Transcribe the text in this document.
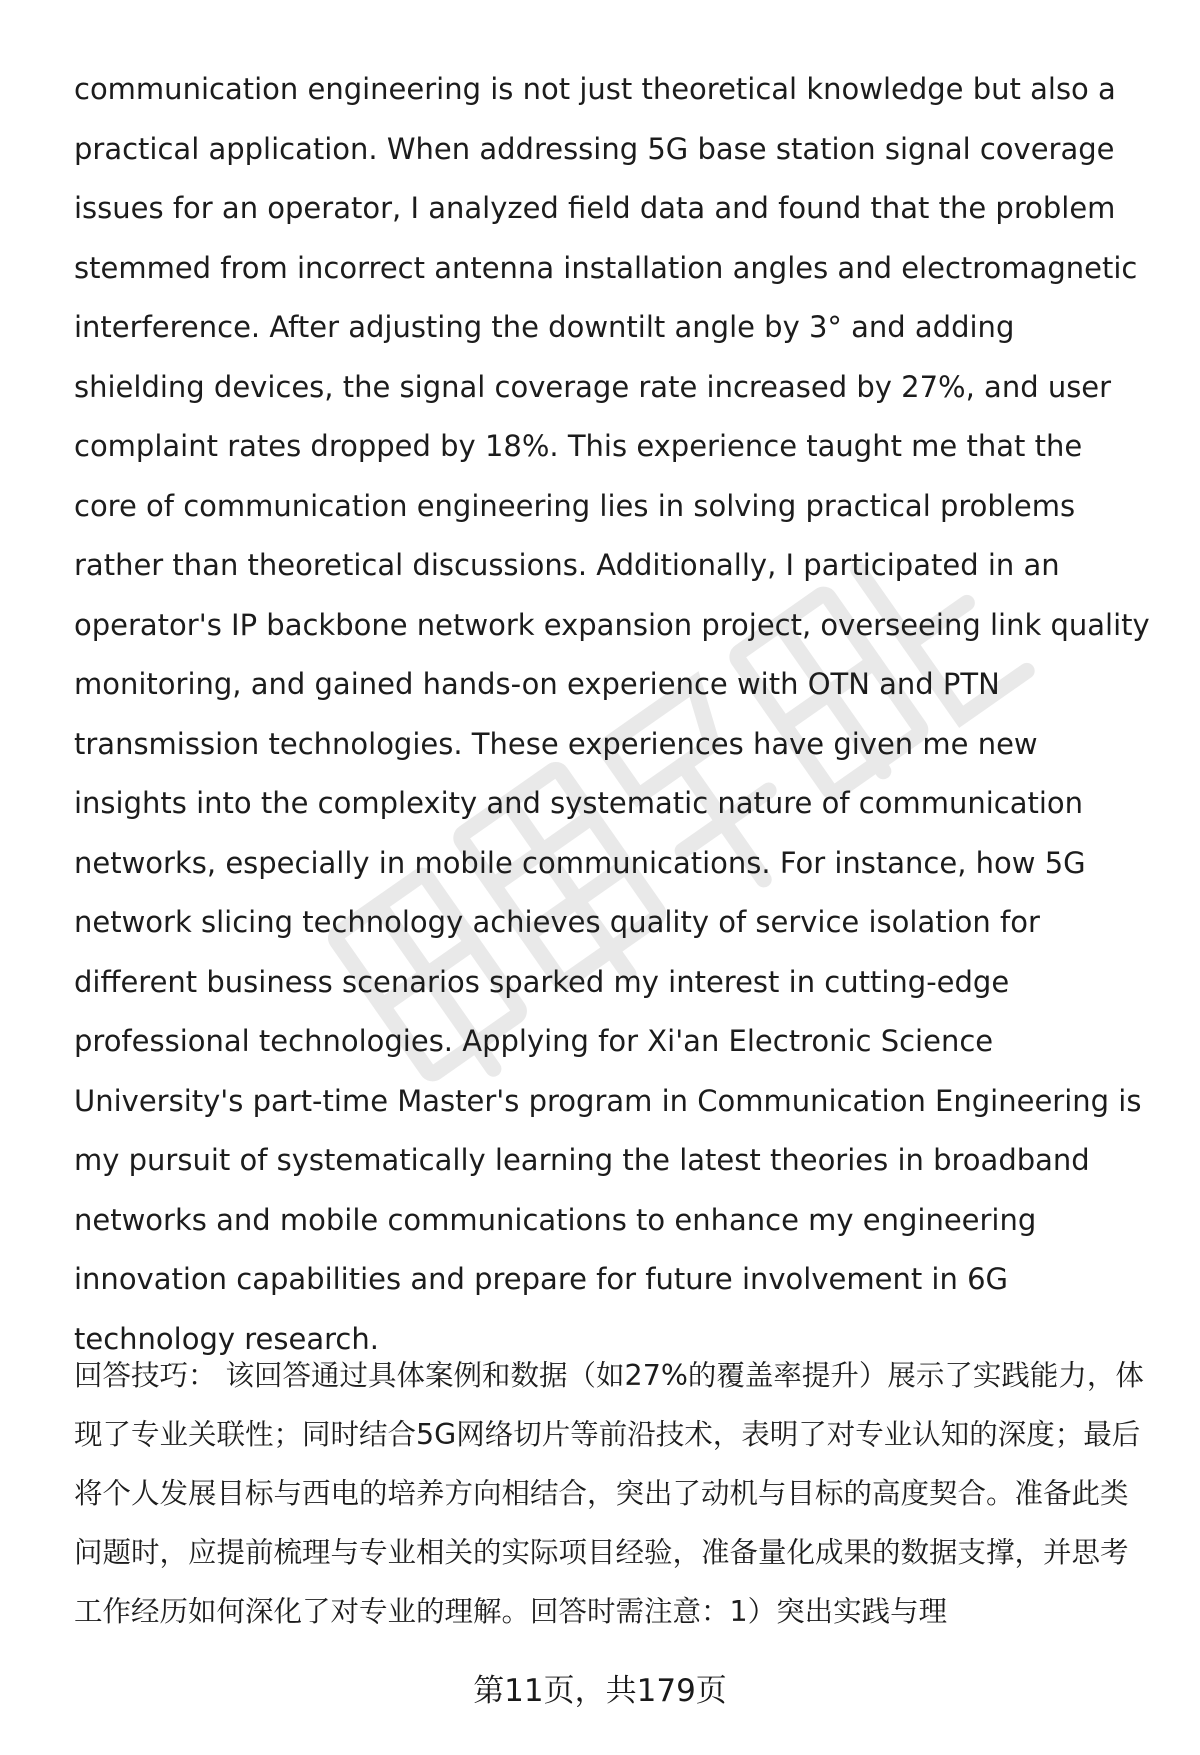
communication engineering is not just theoretical knowledge but also a practical application. When addressing 5G base station signal coverage issues for an operator, I analyzed field data and found that the problem stemmed from incorrect antenna installation angles and electromagnetic interference. After adjusting the downtilt angle by 3° and adding shielding devices, the signal coverage rate increased by 27%, and user complaint rates dropped by 18%. This experience taught me that the core of communication engineering lies in solving practical problems rather than theoretical discussions. Additionally, I participated in an operator's IP backbone network expansion project, overseeing link quality monitoring, and gained hands-on experience with OTN and PTN transmission technologies. These experiences have given me new insights into the complexity and systematic nature of communication networks, especially in mobile communications. For instance, how 5G network slicing technology achieves quality of service isolation for different business scenarios sparked my interest in cutting-edge professional technologies. Applying for Xi'an Electronic Science University's part-time Master's program in Communication Engineering is my pursuit of systematically learning the latest theories in broadband networks and mobile communications to enhance my engineering innovation capabilities and prepare for future involvement in 6G technology research.

回答技巧： 该回答通过具体案例和数据（如27%的覆盖率提升）展示了实践能力，体现了专业关联性；同时结合5G网络切片等前沿技术，表明了对专业认知的深度；最后将个人发展目标与西电的培养方向相结合，突出了动机与目标的高度契合。准备此类问题时，应提前梳理与专业相关的实际项目经验，准备量化成果的数据支撑，并思考工作经历如何深化了对专业的理解。回答时需注意：1）突出实践与理

第11页，共179页
